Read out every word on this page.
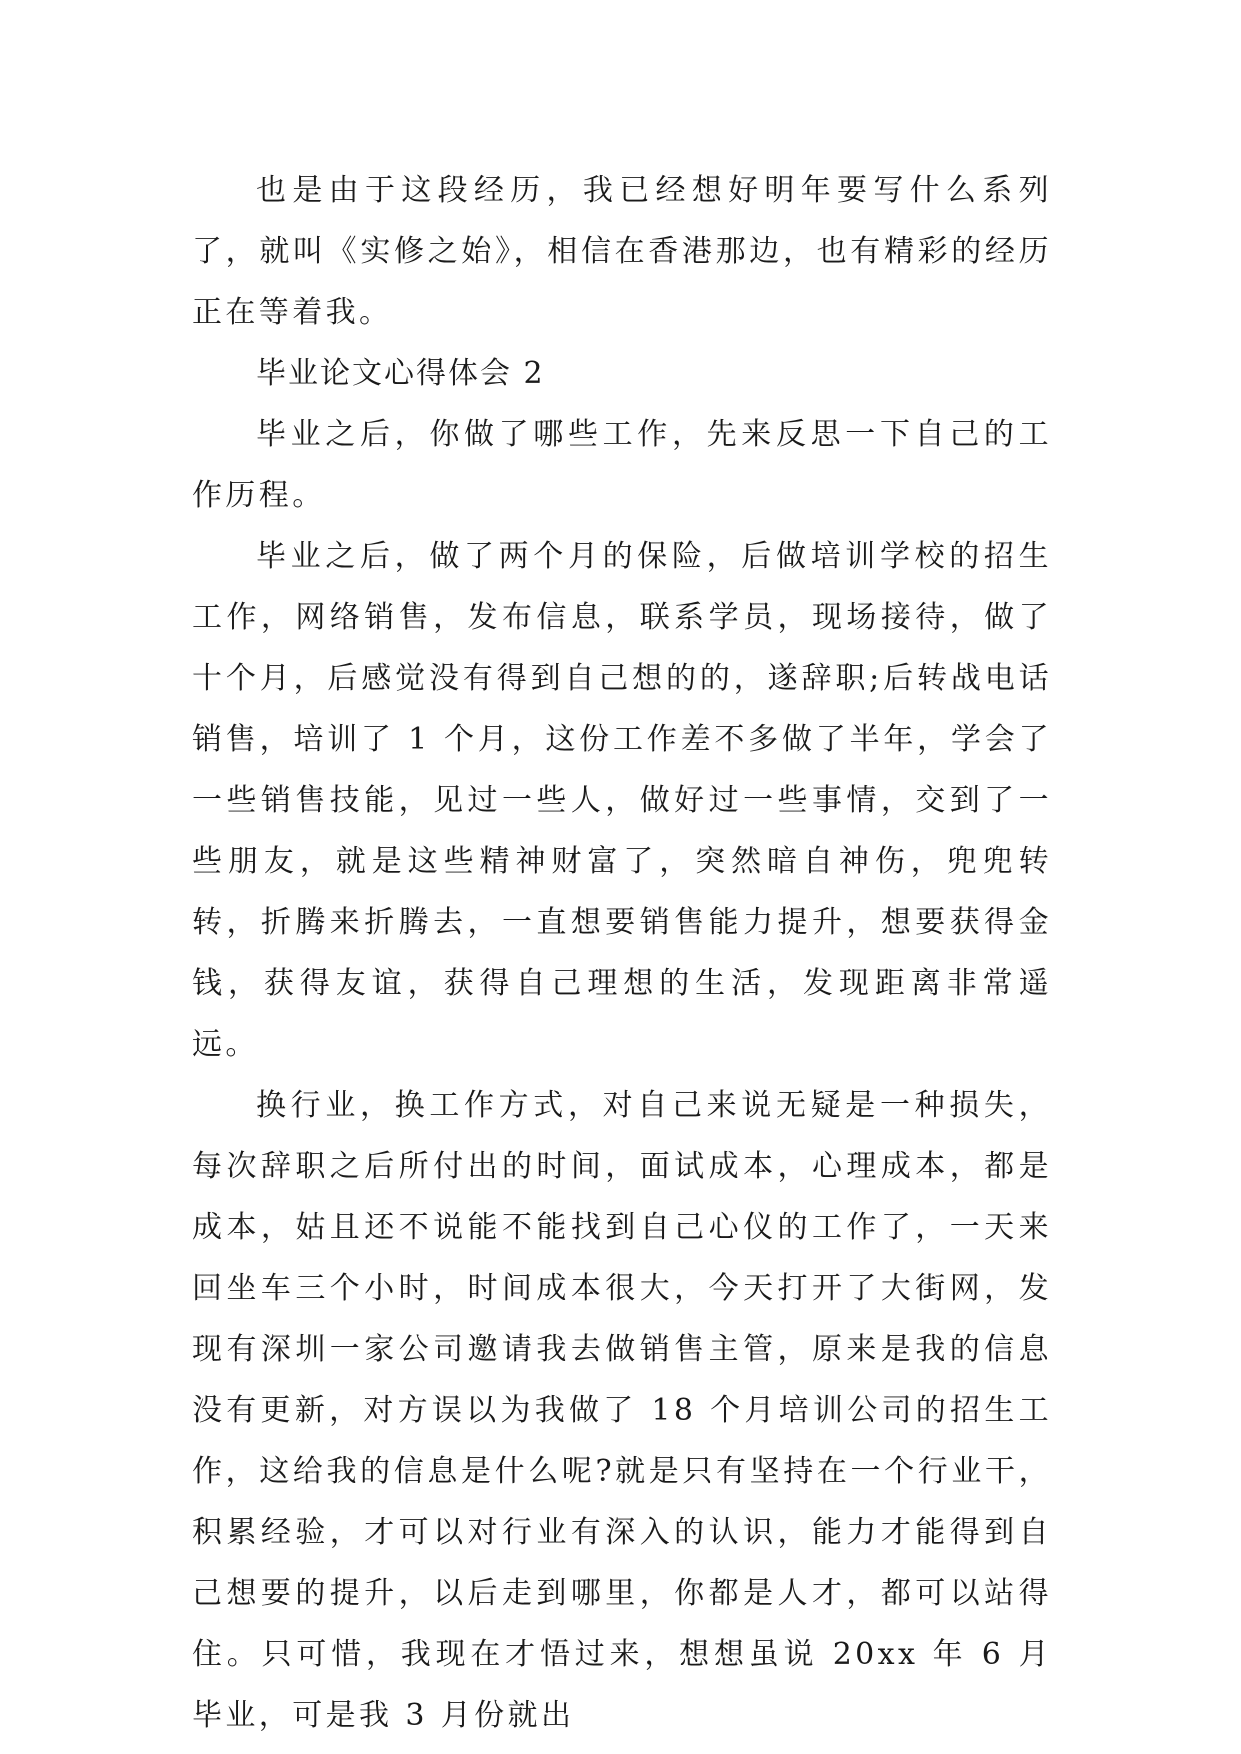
也是由于这段经历，我已经想好明年要写什么系列了，就叫《实修之始》，相信在香港那边，也有精彩的经历正在等着我。

毕业论文心得体会 2

毕业之后，你做了哪些工作，先来反思一下自己的工作历程。

毕业之后，做了两个月的保险，后做培训学校的招生工作，网络销售，发布信息，联系学员，现场接待，做了十个月，后感觉没有得到自己想的的，遂辞职;后转战电话销售，培训了 1 个月，这份工作差不多做了半年，学会了一些销售技能，见过一些人，做好过一些事情，交到了一些朋友，就是这些精神财富了，突然暗自神伤，兜兜转转，折腾来折腾去，一直想要销售能力提升，想要获得金钱，获得友谊，获得自己理想的生活，发现距离非常遥远。

换行业，换工作方式，对自己来说无疑是一种损失，每次辞职之后所付出的时间，面试成本，心理成本，都是成本，姑且还不说能不能找到自己心仪的工作了，一天来回坐车三个小时，时间成本很大，今天打开了大街网，发现有深圳一家公司邀请我去做销售主管，原来是我的信息没有更新，对方误以为我做了 18 个月培训公司的招生工作，这给我的信息是什么呢?就是只有坚持在一个行业干，积累经验，才可以对行业有深入的认识，能力才能得到自己想要的提升，以后走到哪里，你都是人才，都可以站得住。只可惜，我现在才悟过来，想想虽说 20xx 年 6 月毕业，可是我 3 月份就出
